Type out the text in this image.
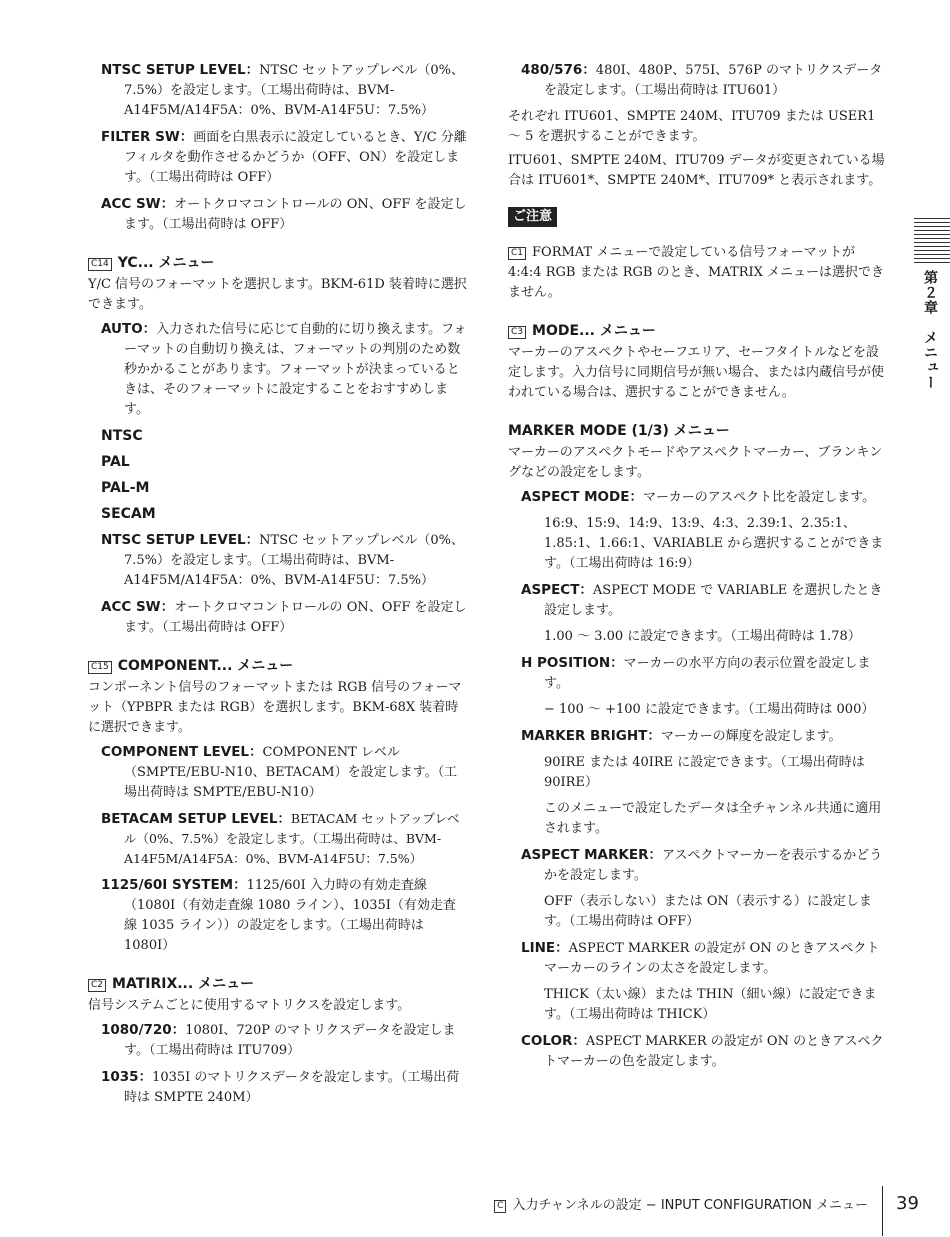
NTSC SETUP LEVEL：NTSC セットアップレベル（0%、7.5%）を設定します。（工場出荷時は、BVM-A14F5M/A14F5A：0%、BVM-A14F5U：7.5%）
FILTER SW：画面を白黒表示に設定しているとき、Y/C 分離フィルタを動作させるかどうか（OFF、ON）を設定します。（工場出荷時は OFF）
ACC SW：オートクロマコントロールの ON、OFF を設定します。（工場出荷時は OFF）
C14 YC... メニュー
Y/C 信号のフォーマットを選択します。BKM-61D 装着時に選択できます。
AUTO：入力された信号に応じて自動的に切り換えます。フォーマットの自動切り換えは、フォーマットの判別のため数秒かかることがあります。フォーマットが決まっているときは、そのフォーマットに設定することをおすすめします。
NTSC
PAL
PAL-M
SECAM
NTSC SETUP LEVEL：NTSC セットアップレベル（0%、7.5%）を設定します。（工場出荷時は、BVM-A14F5M/A14F5A：0%、BVM-A14F5U：7.5%）
ACC SW：オートクロマコントロールの ON、OFF を設定します。（工場出荷時は OFF）
C15 COMPONENT... メニュー
コンポーネント信号のフォーマットまたは RGB 信号のフォーマット（YPBPR または RGB）を選択します。BKM-68X 装着時に選択できます。
COMPONENT LEVEL：COMPONENT レベル（SMPTE/EBU-N10、BETACAM）を設定します。（工場出荷時は SMPTE/EBU-N10）
BETACAM SETUP LEVEL：BETACAM セットアップレベル（0%、7.5%）を設定します。（工場出荷時は、BVM-A14F5M/A14F5A：0%、BVM-A14F5U：7.5%）
1125/60I SYSTEM：1125/60I 入力時の有効走査線（1080I（有効走査線 1080 ライン）、1035I（有効走査線 1035 ライン））の設定をします。（工場出荷時は 1080I）
C2 MATIRIX... メニュー
信号システムごとに使用するマトリクスを設定します。
1080/720：1080I、720P のマトリクスデータを設定します。（工場出荷時は ITU709）
1035：1035I のマトリクスデータを設定します。（工場出荷時は SMPTE 240M）
480/576：480I、480P、575I、576P のマトリクスデータを設定します。（工場出荷時は ITU601）
それぞれ ITU601、SMPTE 240M、ITU709 または USER1 〜 5 を選択することができます。
ITU601、SMPTE 240M、ITU709 データが変更されている場合は ITU601*、SMPTE 240M*、ITU709* と表示されます。
ご注意
C1 FORMAT メニューで設定している信号フォーマットが 4:4:4 RGB または RGB のとき、MATRIX メニューは選択できません。
C3 MODE... メニュー
マーカーのアスペクトやセーフエリア、セーフタイトルなどを設定します。入力信号に同期信号が無い場合、または内蔵信号が使われている場合は、選択することができません。
MARKER MODE (1/3) メニュー
マーカーのアスペクトモードやアスペクトマーカー、ブランキングなどの設定をします。
ASPECT MODE：マーカーのアスペクト比を設定します。
16:9、15:9、14:9、13:9、4:3、2.39:1、2.35:1、1.85:1、1.66:1、VARIABLE から選択することができます。（工場出荷時は 16:9）
ASPECT：ASPECT MODE で VARIABLE を選択したとき設定します。
1.00 〜 3.00 に設定できます。（工場出荷時は 1.78）
H POSITION：マーカーの水平方向の表示位置を設定します。
− 100 〜 +100 に設定できます。（工場出荷時は 000）
MARKER BRIGHT：マーカーの輝度を設定します。
90IRE または 40IRE に設定できます。（工場出荷時は 90IRE）
このメニューで設定したデータは全チャンネル共通に適用されます。
ASPECT MARKER：アスペクトマーカーを表示するかどうかを設定します。
OFF（表示しない）または ON（表示する）に設定します。（工場出荷時は OFF）
LINE：ASPECT MARKER の設定が ON のときアスペクトマーカーのラインの太さを設定します。
THICK（太い線）または THIN（細い線）に設定できます。（工場出荷時は THICK）
COLOR：ASPECT MARKER の設定が ON のときアスペクトマーカーの色を設定します。
第２章　メニュー
C 入力チャンネルの設定 − INPUT CONFIGURATION メニュー 39
